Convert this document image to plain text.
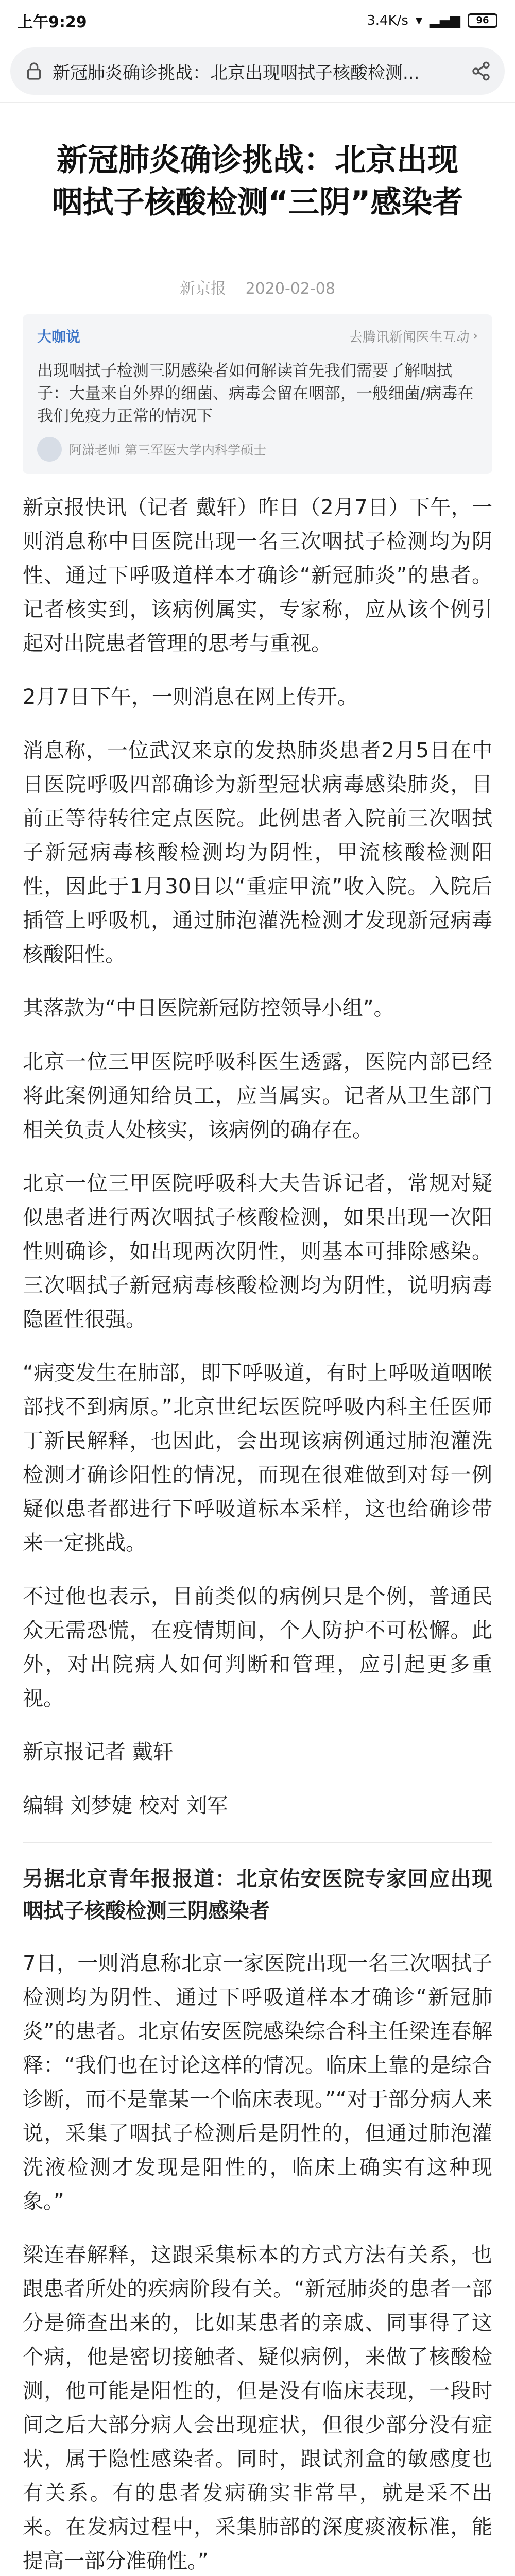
上午9:29	3.4K/s ▾ ▂▄▆	96
新冠肺炎确诊挑战：北京出现咽拭子核酸检测...
新冠肺炎确诊挑战：北京出现咽拭子核酸检测“三阴”感染者
新京报 2020-02-08
大咖说	去腾讯新闻医生互动 ›
出现咽拭子检测三阴感染者如何解读首先我们需要了解咽拭子：大量来自外界的细菌、病毒会留在咽部，一般细菌/病毒在我们免疫力正常的情况下
阿潇老师 第三军医大学内科学硕士

新京报快讯（记者 戴轩）昨日（2月7日）下午，一则消息称中日医院出现一名三次咽拭子检测均为阴性、通过下呼吸道样本才确诊“新冠肺炎”的患者。记者核实到，该病例属实，专家称，应从该个例引起对出院患者管理的思考与重视。

2月7日下午，一则消息在网上传开。

消息称，一位武汉来京的发热肺炎患者2月5日在中日医院呼吸四部确诊为新型冠状病毒感染肺炎，目前正等待转往定点医院。此例患者入院前三次咽拭子新冠病毒核酸检测均为阴性，甲流核酸检测阳性，因此于1月30日以“重症甲流”收入院。入院后插管上呼吸机，通过肺泡灌洗检测才发现新冠病毒核酸阳性。

其落款为“中日医院新冠防控领导小组”。

北京一位三甲医院呼吸科医生透露，医院内部已经将此案例通知给员工，应当属实。记者从卫生部门相关负责人处核实，该病例的确存在。

北京一位三甲医院呼吸科大夫告诉记者，常规对疑似患者进行两次咽拭子核酸检测，如果出现一次阳性则确诊，如出现两次阴性，则基本可排除感染。三次咽拭子新冠病毒核酸检测均为阴性，说明病毒隐匿性很强。

“病变发生在肺部，即下呼吸道，有时上呼吸道咽喉部找不到病原。”北京世纪坛医院呼吸内科主任医师丁新民解释，也因此，会出现该病例通过肺泡灌洗检测才确诊阳性的情况，而现在很难做到对每一例疑似患者都进行下呼吸道标本采样，这也给确诊带来一定挑战。

不过他也表示，目前类似的病例只是个例，普通民众无需恐慌，在疫情期间，个人防护不可松懈。此外，对出院病人如何判断和管理，应引起更多重视。

新京报记者 戴轩

编辑 刘梦婕 校对 刘军

另据北京青年报报道：北京佑安医院专家回应出现咽拭子核酸检测三阴感染者

7日，一则消息称北京一家医院出现一名三次咽拭子检测均为阴性、通过下呼吸道样本才确诊“新冠肺炎”的患者。北京佑安医院感染综合科主任梁连春解释：“我们也在讨论这样的情况。临床上靠的是综合诊断，而不是靠某一个临床表现。”“对于部分病人来说，采集了咽拭子检测后是阴性的，但通过肺泡灌洗液检测才发现是阳性的，临床上确实有这种现象。”

梁连春解释，这跟采集标本的方式方法有关系，也跟患者所处的疾病阶段有关。“新冠肺炎的患者一部分是筛查出来的，比如某患者的亲戚、同事得了这个病，他是密切接触者、疑似病例，来做了核酸检测，他可能是阳性的，但是没有临床表现，一段时间之后大部分病人会出现症状，但很少部分没有症状，属于隐性感染者。同时，跟试剂盒的敏感度也有关系。有的患者发病确实非常早，就是采不出来。在发病过程中，采集肺部的深度痰液标准，能提高一部分准确性。”
